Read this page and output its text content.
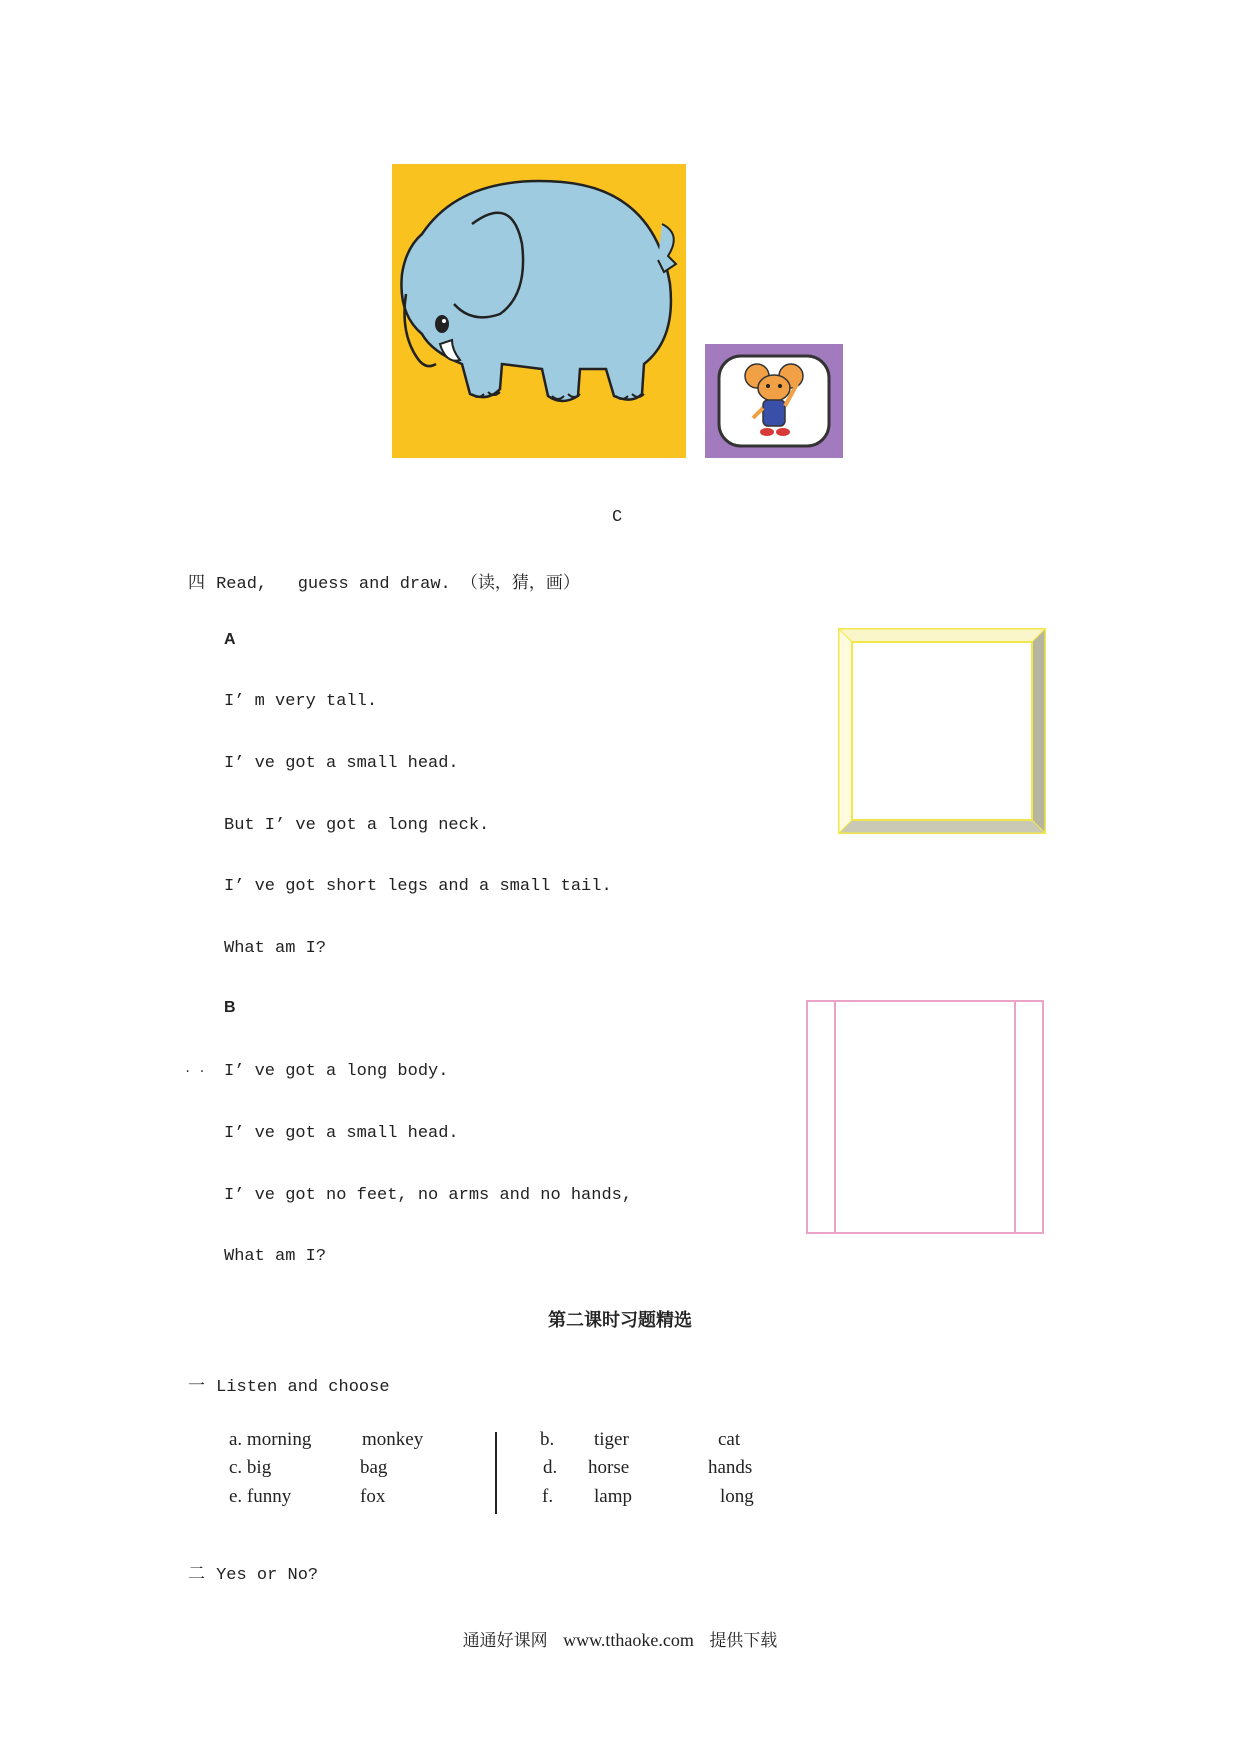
C
四 Read,   guess and draw. （读，猜，画）
A
I’ m very tall.
I’ ve got a small head.
But I’ ve got a long neck.
I’ ve got short legs and a small tail.
What am I?
B
. . I’ ve got a long body.
I’ ve got a small head.
I’ ve got no feet, no arms and no hands,
What am I?
第二课时习题精选
一 Listen and choose
a. morning	monkey
c. big	bag
e. funny	fox
b. tiger	cat
d. horse	hands
f. lamp	long
二 Yes or No?
通通好课网 www.tthaoke.com 提供下载
